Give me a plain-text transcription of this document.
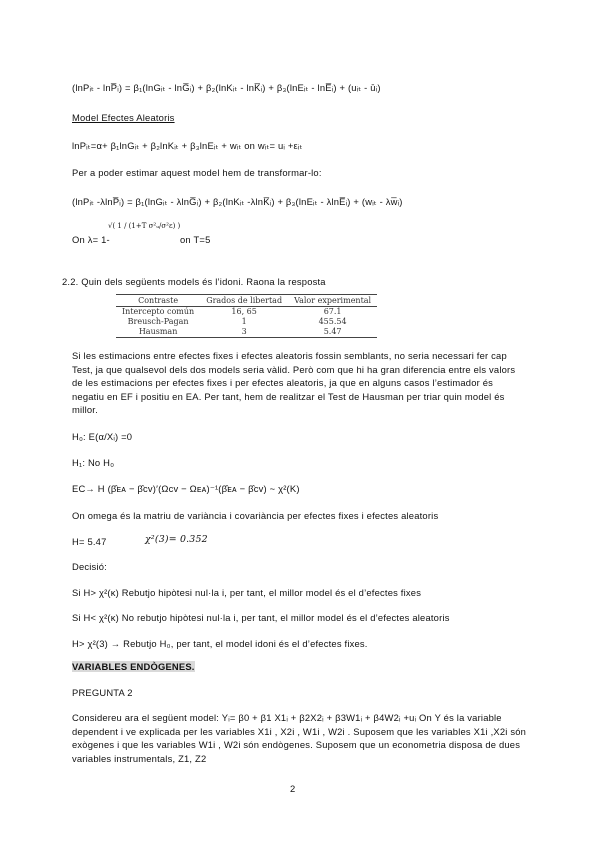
(lnPᵢₜ - lnP̅ᵢ) = β₁(lnGᵢₜ - lnG̅ᵢ) + β₂(lnKᵢₜ - lnK̅ᵢ) + β₃(lnEᵢₜ - lnE̅ᵢ) + (uᵢₜ - ūᵢ)
Model Efectes Aleatoris
lnPᵢₜ=α+ β₁lnGᵢₜ + β₂lnKᵢₜ + β₃lnEᵢₜ + wᵢₜ on wᵢₜ= uᵢ +εᵢₜ
Per a poder estimar aquest model hem de transformar-lo:
(lnPᵢₜ -λlnP̅ᵢ) = β₁(lnGᵢₜ - λlnG̅ᵢ) + β₂(lnKᵢₜ -λlnK̅ᵢ) + β₃(lnEᵢₜ - λlnE̅ᵢ) + (wᵢₜ - λw̅ᵢ)
On λ= 1-
√( 1 / (1+T σ²ᵤ/σ²ε) )
on T=5
2.2. Quin dels següents models és l’idoni. Raona la resposta
Contraste	Grados de libertad	Valor experimental
Intercepto común	16, 65	67.1
Breusch-Pagan	1	455.54
Hausman	3	5.47
Si les estimacions entre efectes fixes i efectes aleatoris fossin semblants, no seria necessari fer cap Test, ja que qualsevol dels dos models seria vàlid. Però com que hi ha gran diferencia entre els valors de les estimacions per efectes fixes i per efectes aleatoris, ja que en alguns casos l’estimador és negatiu en EF i positiu en EA. Per tant, hem de realitzar el Test de Hausman per triar quin model és millor.
H₀: E(α/Xᵢ) =0
H₁: No H₀
EC→ H (β̂ᴇᴀ − β̂ᴄᴠ)′(Ωᴄᴠ − Ωᴇᴀ)⁻¹(β̂ᴇᴀ − β̂ᴄᴠ) ~ χ²(K)
On omega és la matriu de variància i covariància per efectes fixes i efectes aleatoris
H= 5.47	χ²(3)= 0.352
Decisió:
Si H> χ²(κ) Rebutjo hipòtesi nul·la i, per tant, el millor model és el d’efectes fixes
Si H< χ²(κ) No rebutjo hipòtesi nul·la i, per tant, el millor model és el d’efectes aleatoris
H> χ²(3) → Rebutjo H₀, per tant, el model idoni és el d’efectes fixes.
VARIABLES ENDÒGENES.
PREGUNTA 2
Considereu ara el següent model: Yᵢ= β0 + β1 X1ᵢ + β2X2ᵢ + β3W1ᵢ + β4W2ᵢ +uᵢ On Y és la variable dependent i ve explicada per les variables X1i , X2i , W1i , W2i . Suposem que les variables X1i ,X2i són exògenes i que les variables W1i , W2i són endògenes. Suposem que un econometria disposa de dues variables instrumentals, Z1, Z2
2
